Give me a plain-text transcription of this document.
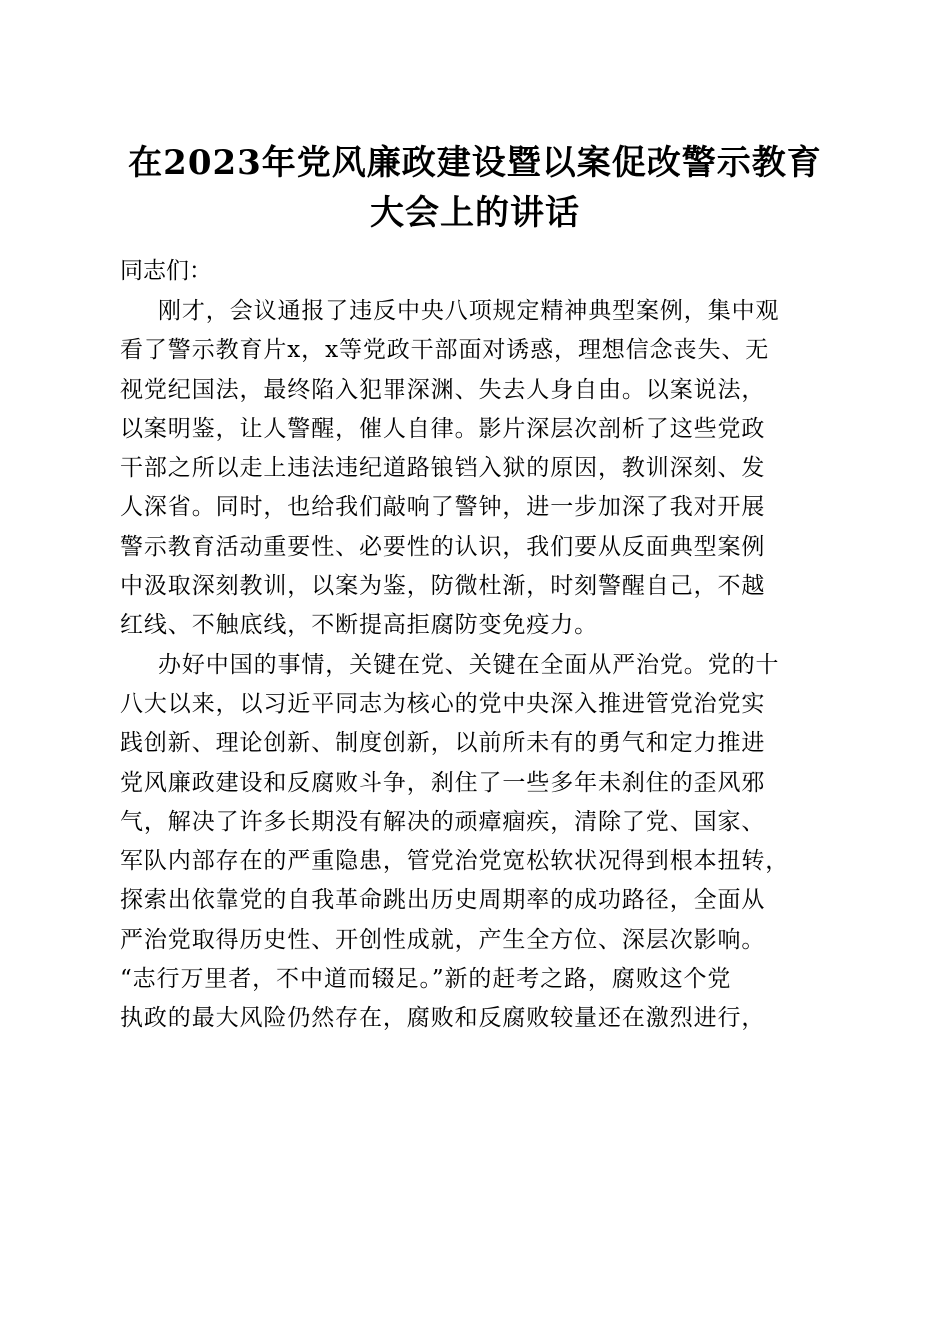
在2023年党风廉政建设暨以案促改警示教育
大会上的讲话

同志们：

刚才，会议通报了违反中央八项规定精神典型案例，集中观
看了警示教育片x，x等党政干部面对诱惑，理想信念丧失、无
视党纪国法，最终陷入犯罪深渊、失去人身自由。以案说法，
以案明鉴，让人警醒，催人自律。影片深层次剖析了这些党政
干部之所以走上违法违纪道路锒铛入狱的原因，教训深刻、发
人深省。同时，也给我们敲响了警钟，进一步加深了我对开展
警示教育活动重要性、必要性的认识，我们要从反面典型案例
中汲取深刻教训，以案为鉴，防微杜渐，时刻警醒自己，不越
红线、不触底线，不断提高拒腐防变免疫力。

办好中国的事情，关键在党、关键在全面从严治党。党的十
八大以来，以习近平同志为核心的党中央深入推进管党治党实
践创新、理论创新、制度创新，以前所未有的勇气和定力推进
党风廉政建设和反腐败斗争，刹住了一些多年未刹住的歪风邪
气，解决了许多长期没有解决的顽瘴痼疾，清除了党、国家、
军队内部存在的严重隐患，管党治党宽松软状况得到根本扭转，
探索出依靠党的自我革命跳出历史周期率的成功路径，全面从
严治党取得历史性、开创性成就，产生全方位、深层次影响。
“志行万里者，不中道而辍足。”新的赶考之路，腐败这个党
执政的最大风险仍然存在，腐败和反腐败较量还在激烈进行，
